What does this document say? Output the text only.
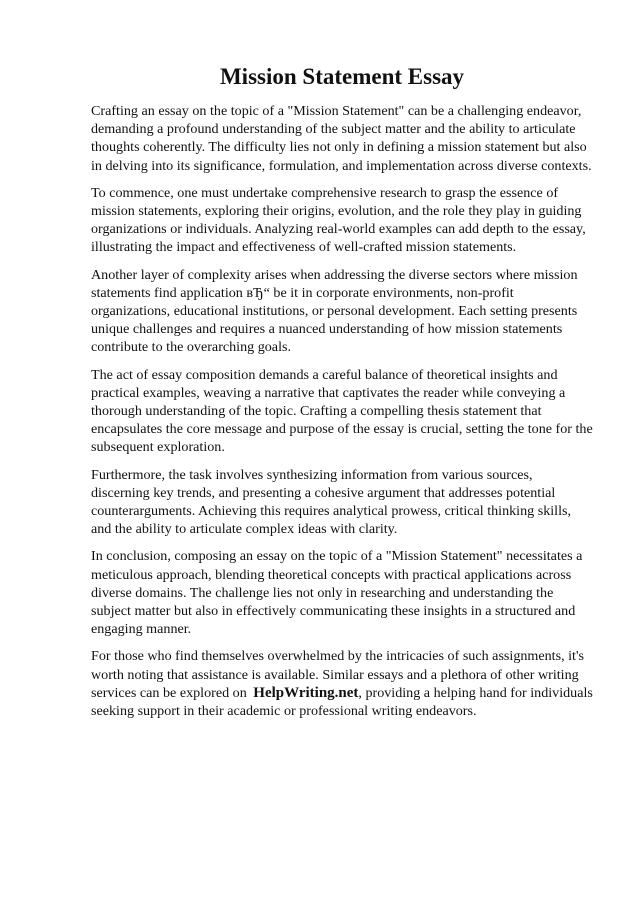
Mission Statement Essay

Crafting an essay on the topic of a "Mission Statement" can be a challenging endeavor, demanding a profound understanding of the subject matter and the ability to articulate thoughts coherently. The difficulty lies not only in defining a mission statement but also in delving into its significance, formulation, and implementation across diverse contexts.

To commence, one must undertake comprehensive research to grasp the essence of mission statements, exploring their origins, evolution, and the role they play in guiding organizations or individuals. Analyzing real-world examples can add depth to the essay, illustrating the impact and effectiveness of well-crafted mission statements.

Another layer of complexity arises when addressing the diverse sectors where mission statements find application вЂ“ be it in corporate environments, non-profit organizations, educational institutions, or personal development. Each setting presents unique challenges and requires a nuanced understanding of how mission statements contribute to the overarching goals.

The act of essay composition demands a careful balance of theoretical insights and practical examples, weaving a narrative that captivates the reader while conveying a thorough understanding of the topic. Crafting a compelling thesis statement that encapsulates the core message and purpose of the essay is crucial, setting the tone for the subsequent exploration.

Furthermore, the task involves synthesizing information from various sources, discerning key trends, and presenting a cohesive argument that addresses potential counterarguments. Achieving this requires analytical prowess, critical thinking skills, and the ability to articulate complex ideas with clarity.

In conclusion, composing an essay on the topic of a "Mission Statement" necessitates a meticulous approach, blending theoretical concepts with practical applications across diverse domains. The challenge lies not only in researching and understanding the subject matter but also in effectively communicating these insights in a structured and engaging manner.

For those who find themselves overwhelmed by the intricacies of such assignments, it's worth noting that assistance is available. Similar essays and a plethora of other writing services can be explored on HelpWriting.net, providing a helping hand for individuals seeking support in their academic or professional writing endeavors.
